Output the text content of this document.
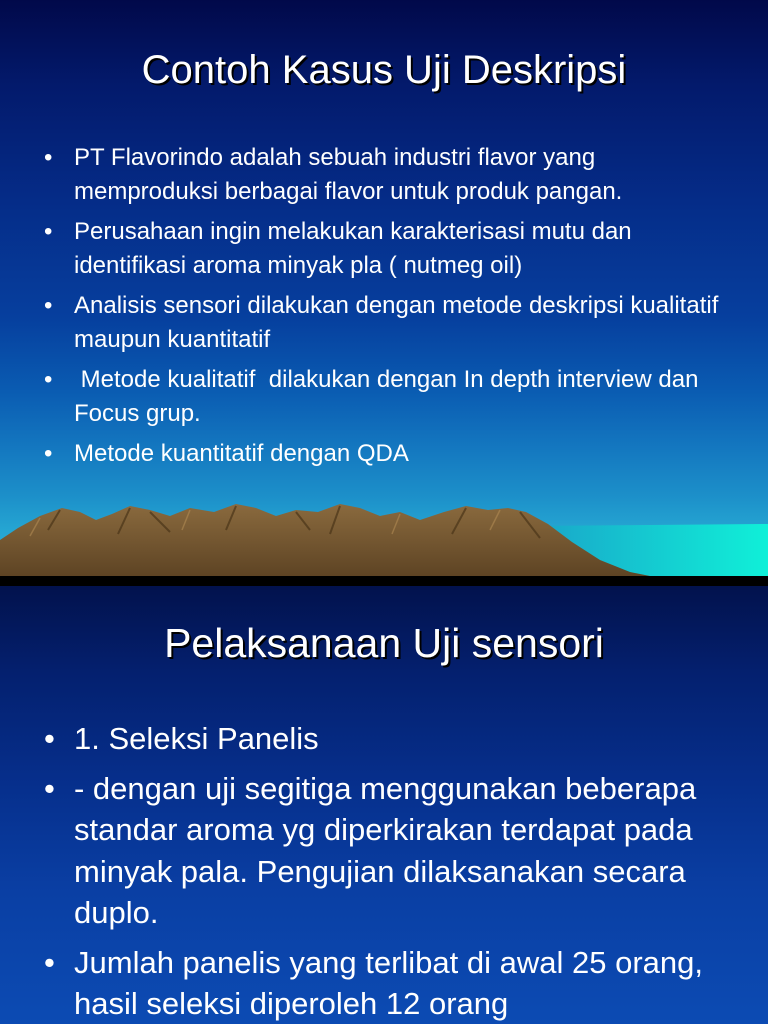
Contoh Kasus Uji Deskripsi
• PT Flavorindo adalah sebuah industri flavor yang memproduksi berbagai flavor untuk produk pangan.
• Perusahaan ingin melakukan karakterisasi mutu dan identifikasi aroma minyak pla ( nutmeg oil)
• Analisis sensori dilakukan dengan metode deskripsi kualitatif maupun kuantitatif
• Metode kualitatif  dilakukan dengan In depth interview dan Focus grup.
• Metode kuantitatif dengan QDA
Pelaksanaan Uji sensori
• 1. Seleksi Panelis
• - dengan uji segitiga menggunakan beberapa standar aroma yg diperkirakan terdapat pada minyak pala. Pengujian dilaksanakan secara duplo.
• Jumlah panelis yang terlibat di awal 25 orang, hasil seleksi diperoleh 12 orang
